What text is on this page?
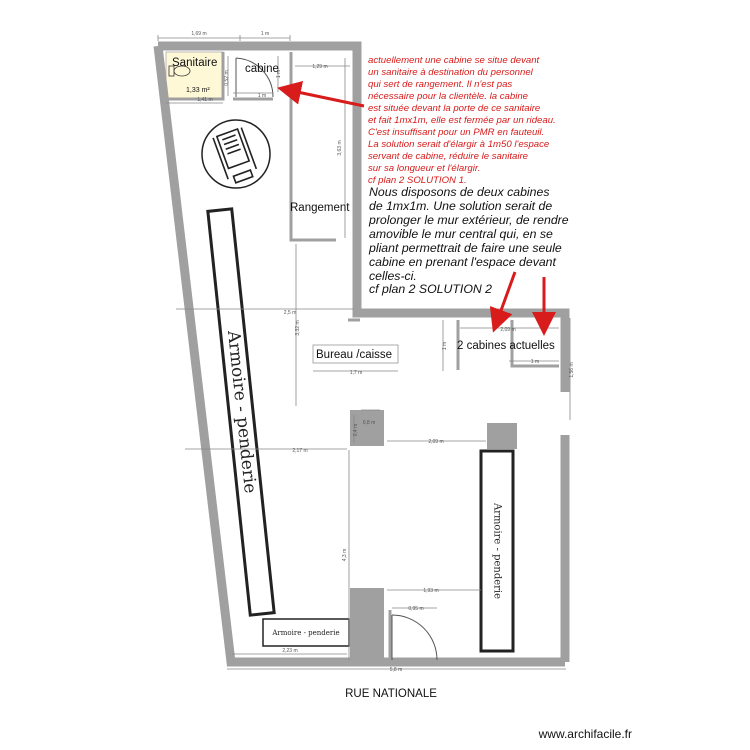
Armoire - penderie
Armoire - penderie
Armoire - penderie
1,69 m	1 m
0,52 m
1,41 m
1 m
1 m
1,29 m
3,63 m
2,5 m
3,32 m
1,7 m
2,09 m
1 m
1 m
1,56 m
0,8 m
0,4 m
2,17 m
2,09 m
4,3 m
1,93 m
0,95 m
2,23 m
5,8 m
Sanitaire
1,33 m²
cabine
Rangement
Bureau /caisse
2 cabines actuelles
actuellement une cabine se situe devant
un sanitaire à destination du personnel
qui sert de rangement. Il n'est pas
nécessaire pour la clientèle. la cabine
est située devant la porte de ce sanitaire
et fait 1mx1m, elle est fermée par un rideau.
C'est insuffisant pour un PMR en fauteuil.
La solution serait d'élargir à 1m50 l'espace
servant de cabine, réduire le sanitaire
sur sa longueur et l'élargir.
cf plan 2 SOLUTION 1.
Nous disposons de deux cabines
de 1mx1m. Une solution serait de
prolonger le mur extérieur, de rendre
amovible le mur central qui, en se
pliant permettrait de faire une seule
cabine en prenant l'espace devant
celles-ci.
cf plan 2 SOLUTION 2
RUE NATIONALE
www.archifacile.fr
